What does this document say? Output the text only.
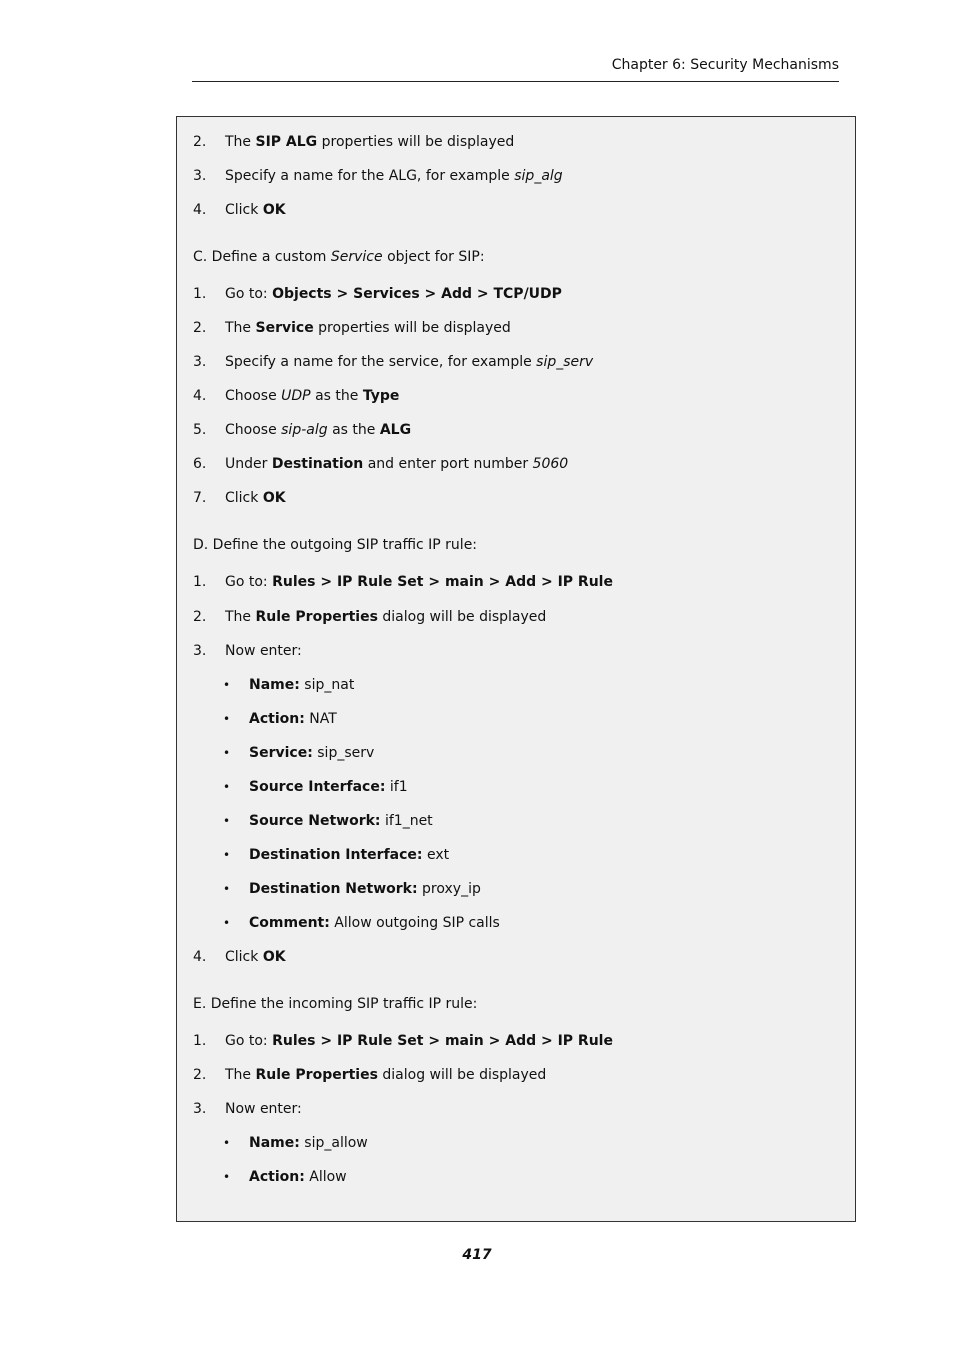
Chapter 6: Security Mechanisms
2. The SIP ALG properties will be displayed
3. Specify a name for the ALG, for example sip_alg
4. Click OK
C. Define a custom Service object for SIP:
1. Go to: Objects > Services > Add > TCP/UDP
2. The Service properties will be displayed
3. Specify a name for the service, for example sip_serv
4. Choose UDP as the Type
5. Choose sip-alg as the ALG
6. Under Destination and enter port number 5060
7. Click OK
D. Define the outgoing SIP traffic IP rule:
1. Go to: Rules > IP Rule Set > main > Add > IP Rule
2. The Rule Properties dialog will be displayed
3. Now enter:
• Name: sip_nat
• Action: NAT
• Service: sip_serv
• Source Interface: if1
• Source Network: if1_net
• Destination Interface: ext
• Destination Network: proxy_ip
• Comment: Allow outgoing SIP calls
4. Click OK
E. Define the incoming SIP traffic IP rule:
1. Go to: Rules > IP Rule Set > main > Add > IP Rule
2. The Rule Properties dialog will be displayed
3. Now enter:
• Name: sip_allow
• Action: Allow
417
